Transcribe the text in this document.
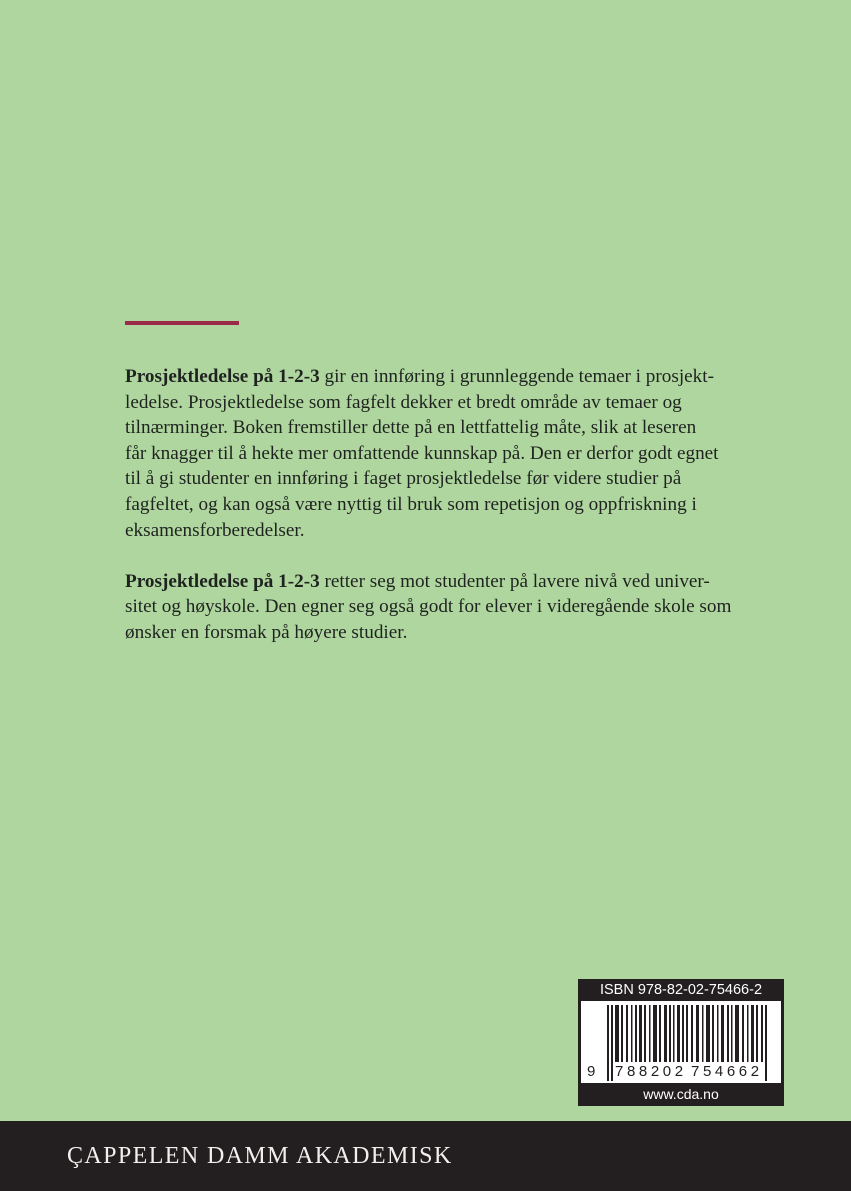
Prosjektledelse på 1-2-3 gir en innføring i grunnleggende temaer i prosjekt-
ledelse. Prosjektledelse som fagfelt dekker et bredt område av temaer og
tilnærminger. Boken fremstiller dette på en lettfattelig måte, slik at leseren
får knagger til å hekte mer omfattende kunnskap på. Den er derfor godt egnet
til å gi studenter en innføring i faget prosjektledelse før videre studier på
fagfeltet, og kan også være nyttig til bruk som repetisjon og oppfriskning i
eksamensforberedelser.

Prosjektledelse på 1-2-3 retter seg mot studenter på lavere nivå ved univer-
sitet og høyskole. Den egner seg også godt for elever i videregående skole som
ønsker en forsmak på høyere studier.

ISBN 978-82-02-75466-2
9 788202 754662
www.cda.no
ÇAPPELEN DAMM AKADEMISK
